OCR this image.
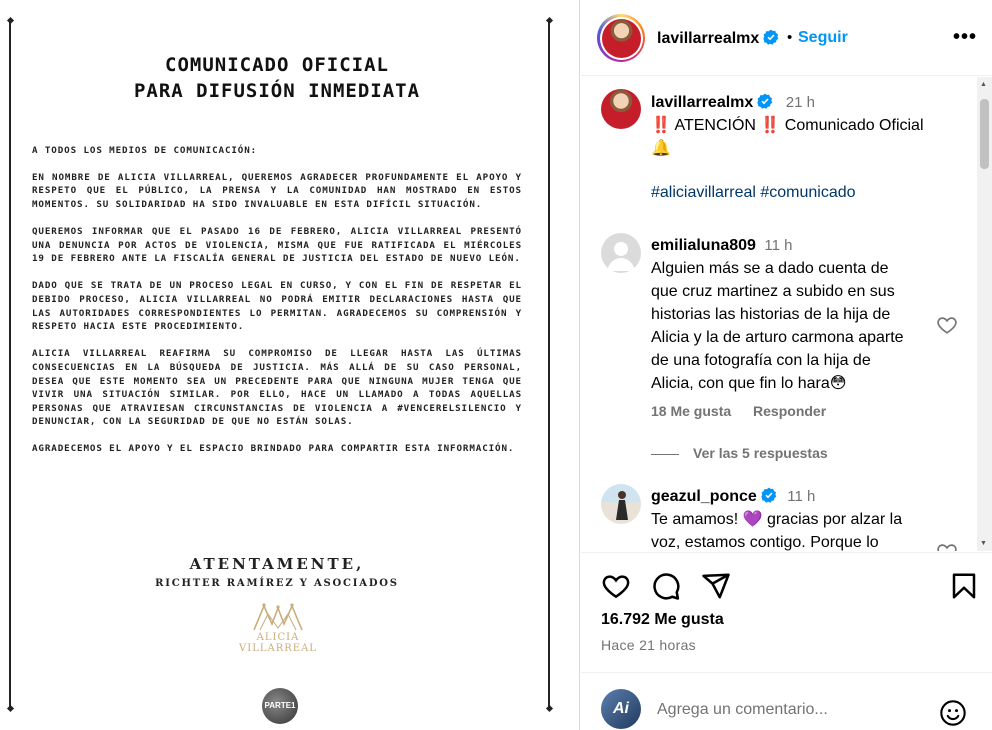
COMUNICADO OFICIAL
PARA DIFUSIÓN INMEDIATA

A TODOS LOS MEDIOS DE COMUNICACIÓN:

EN NOMBRE DE ALICIA VILLARREAL, QUEREMOS AGRADECER PROFUNDAMENTE EL APOYO Y RESPETO QUE EL PÚBLICO, LA PRENSA Y LA COMUNIDAD HAN MOSTRADO EN ESTOS MOMENTOS. SU SOLIDARIDAD HA SIDO INVALUABLE EN ESTA DIFÍCIL SITUACIÓN.

QUEREMOS INFORMAR QUE EL PASADO 16 DE FEBRERO, ALICIA VILLARREAL PRESENTÓ UNA DENUNCIA POR ACTOS DE VIOLENCIA, MISMA QUE FUE RATIFICADA EL MIÉRCOLES 19 DE FEBRERO ANTE LA FISCALÍA GENERAL DE JUSTICIA DEL ESTADO DE NUEVO LEÓN.

DADO QUE SE TRATA DE UN PROCESO LEGAL EN CURSO, Y CON EL FIN DE RESPETAR EL DEBIDO PROCESO, ALICIA VILLARREAL NO PODRÁ EMITIR DECLARACIONES HASTA QUE LAS AUTORIDADES CORRESPONDIENTES LO PERMITAN. AGRADECEMOS SU COMPRENSIÓN Y RESPETO HACIA ESTE PROCEDIMIENTO.

ALICIA VILLARREAL REAFIRMA SU COMPROMISO DE LLEGAR HASTA LAS ÚLTIMAS CONSECUENCIAS EN LA BÚSQUEDA DE JUSTICIA. MÁS ALLÁ DE SU CASO PERSONAL, DESEA QUE ESTE MOMENTO SEA UN PRECEDENTE PARA QUE NINGUNA MUJER TENGA QUE VIVIR UNA SITUACIÓN SIMILAR. POR ELLO, HACE UN LLAMADO A TODAS AQUELLAS PERSONAS QUE ATRAVIESAN CIRCUNSTANCIAS DE VIOLENCIA A #VENCERELSILENCIO Y DENUNCIAR, CON LA SEGURIDAD DE QUE NO ESTÁN SOLAS.

AGRADECEMOS EL APOYO Y EL ESPACIO BRINDADO PARA COMPARTIR ESTA INFORMACIÓN.

ATENTAMENTE,
RICHTER RAMÍREZ Y ASOCIADOS
ALICIA
VILLARREAL
PARTE1
lavillarrealmx	• Seguir	•••
lavillarrealmx 21 h
‼️ ATENCIÓN ‼️ Comunicado Oficial
🔔
#aliciavillarreal #comunicado
emilialuna809 11 h
Alguien más se a dado cuenta de
que cruz martinez a subido en sus
historias las historias de la hija de
Alicia y la de arturo carmona aparte
de una fotografía con la hija de
Alicia, con que fin lo hara😳
18 Me gusta Responder
Ver las 5 respuestas
geazul_ponce 11 h
Te amamos! 💜 gracias por alzar la
voz, estamos contigo. Porque lo
▲
▼
16.792 Me gusta
Hace 21 horas
Ai
Agrega un comentario...
